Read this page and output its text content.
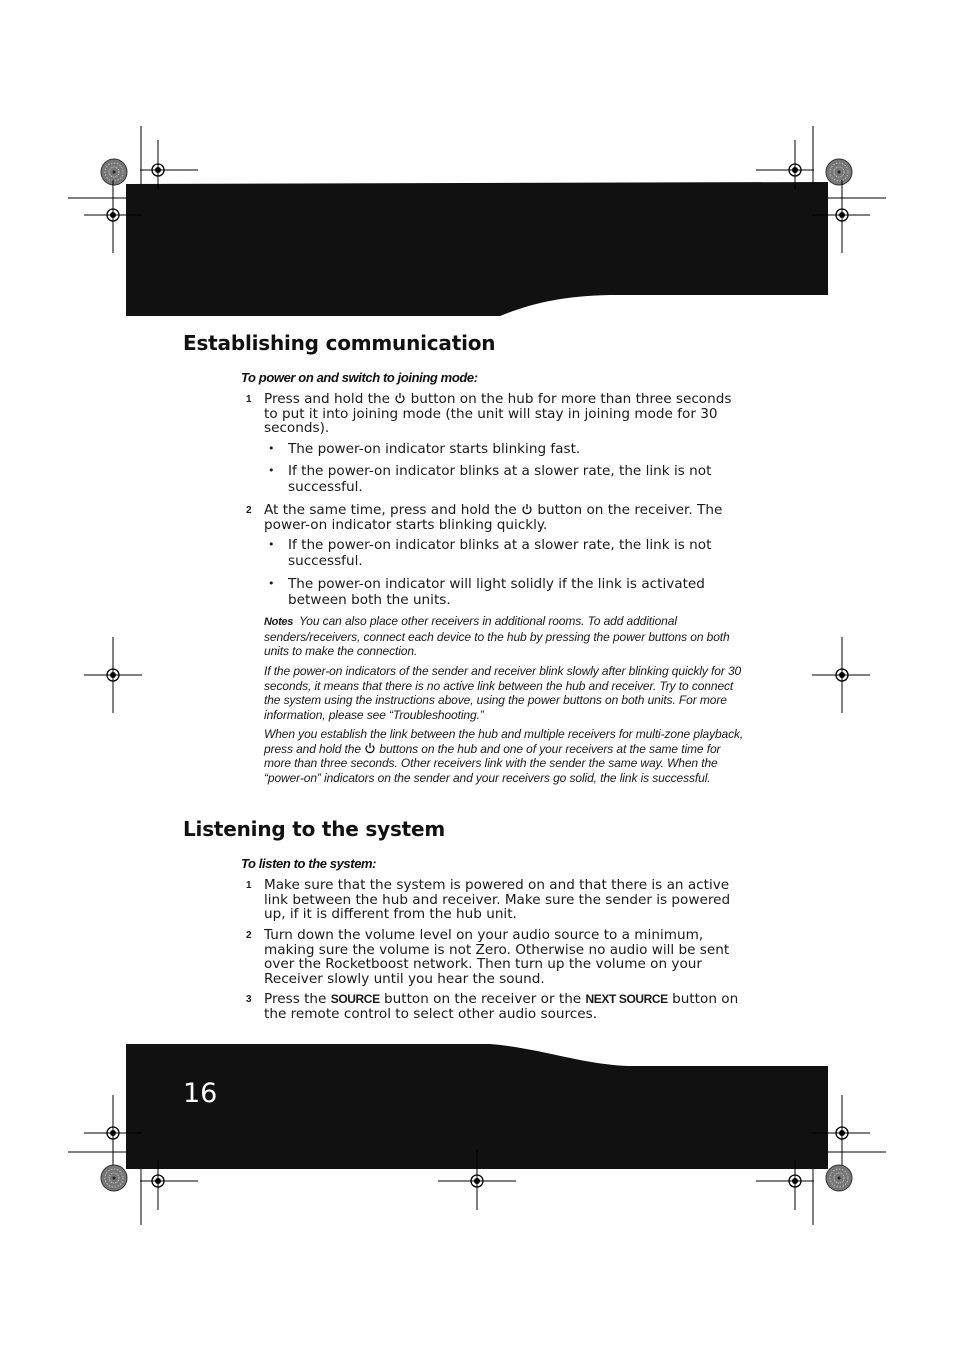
Establishing communication

To power on and switch to joining mode:

1 Press and hold the  button on the hub for more than three seconds to put it into joining mode (the unit will stay in joining mode for 30 seconds).
• The power-on indicator starts blinking fast.
• If the power-on indicator blinks at a slower rate, the link is not successful.
2 At the same time, press and hold the  button on the receiver. The power-on indicator starts blinking quickly.
• If the power-on indicator blinks at a slower rate, the link is not successful.
• The power-on indicator will light solidly if the link is activated between both the units.
Notes You can also place other receivers in additional rooms. To add additional senders/receivers, connect each device to the hub by pressing the power buttons on both units to make the connection.
If the power-on indicators of the sender and receiver blink slowly after blinking quickly for 30 seconds, it means that there is no active link between the hub and receiver. Try to connect the system using the instructions above, using the power buttons on both units. For more information, please see “Troubleshooting.”
When you establish the link between the hub and multiple receivers for multi-zone playback, press and hold the  buttons on the hub and one of your receivers at the same time for more than three seconds. Other receivers link with the sender the same way. When the “power-on” indicators on the sender and your receivers go solid, the link is successful.
Listening to the system

To listen to the system:

1 Make sure that the system is powered on and that there is an active link between the hub and receiver. Make sure the sender is powered up, if it is different from the hub unit.
2 Turn down the volume level on your audio source to a minimum, making sure the volume is not Zero. Otherwise no audio will be sent over the Rocketboost network. Then turn up the volume on your Receiver slowly until you hear the sound.
3 Press the SOURCE button on the receiver or the NEXT SOURCE button on the remote control to select other audio sources.
16
